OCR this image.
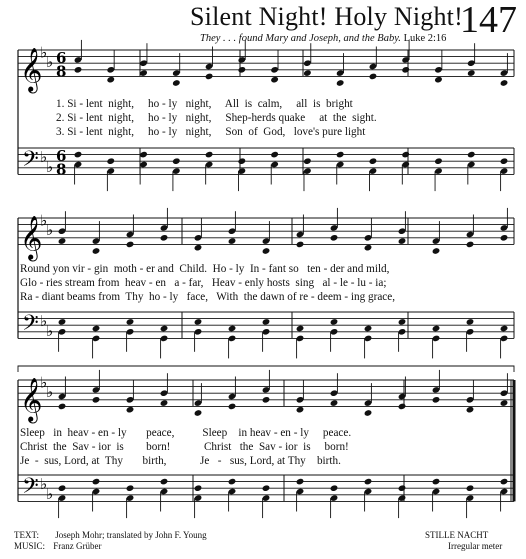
𝄞
𝄢
♭
♭
♭
♭
6
8
6
8
𝄞
𝄢
♭
♭
♭
♭
𝄞
𝄢
♭
♭
♭
♭
Silent Night! Holy Night!
147
They . . . found Mary and Joseph, and the Baby. Luke 2:16
1. Si - lent  night,     ho - ly   night,     All  is  calm,     all  is  bright
2. Si - lent  night,     ho - ly   night,     Shep-herds quake     at  the  sight.
3. Si - lent  night,     ho - ly   night,     Son  of  God,   love's pure light
Round yon vir - gin  moth - er and  Child.  Ho - ly  In - fant so   ten - der and mild,
Glo - ries stream from  heav - en   a - far,   Heav - enly hosts  sing   al - le - lu - ia;
Ra - diant beams from  Thy  ho - ly   face,   With  the dawn of re - deem - ing grace,
Sleep   in  heav - en - ly       peace,          Sleep    in heav - en - ly     peace.
Christ  the  Sav - ior  is        born!            Christ   the  Sav - ior  is     born!
Je  -  sus, Lord, at  Thy       birth,            Je   -   sus, Lord, at Thy    birth.
TEXT: Joseph Mohr; translated by John F. Young
MUSIC: Franz Grüber
STILLE NACHT
Irregular meter
